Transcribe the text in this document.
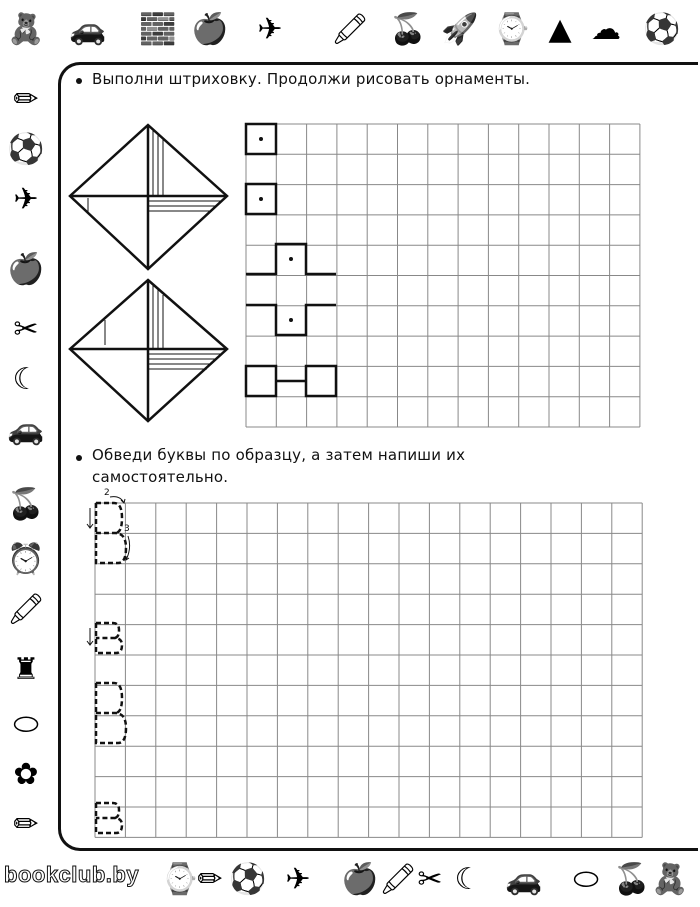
🧸 🚗 🧱 🍎 ✈ 🖍 🍒 🚀 ⌚ ▲ ☁ ⚽
✏
⚽
✈
🍎
✂
☾
🚗
🍒
⏰
🖍
♜
⬭
✿
✏
⌚
✏ ⚽ ✈ 🍎 🖍 ✂ ☾ 🚗 ⬭ 🍒 🧸
Выполни штриховку. Продолжи рисовать орнаменты.
Обведи буквы по образцу, а затем напиши их
самостоятельно.
2
3
bookclub.by
